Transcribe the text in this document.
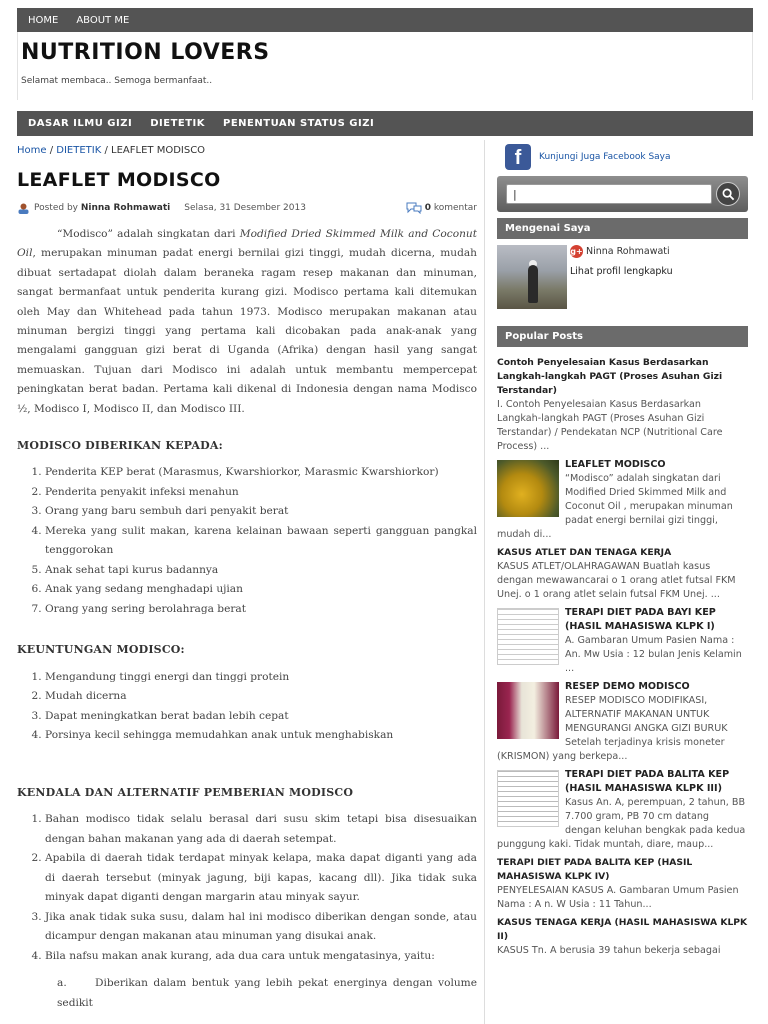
HOME ABOUT ME
NUTRITION LOVERS
Selamat membaca.. Semoga bermanfaat..
DASAR ILMU GIZI DIETETIK PENENTUAN STATUS GIZI
Home / DIETETIK / LEAFLET MODISCO
LEAFLET MODISCO
Posted by
Ninna Rohmawati Selasa, 31 Desember 2013	0
komentar

“Modisco” adalah singkatan dari Modified Dried Skimmed Milk and Coconut Oil, merupakan minuman padat energi bernilai gizi tinggi, mudah dicerna, mudah dibuat sertadapat diolah dalam beraneka ragam resep makanan dan minuman, sangat bermanfaat untuk penderita kurang gizi. Modisco pertama kali ditemukan oleh May dan Whitehead pada tahun 1973. Modisco merupakan makanan atau minuman bergizi tinggi yang pertama kali dicobakan pada anak-anak yang mengalami gangguan gizi berat di Uganda (Afrika) dengan hasil yang sangat memuaskan. Tujuan dari Modisco ini adalah untuk membantu mempercepat peningkatan berat badan. Pertama kali dikenal di Indonesia dengan nama Modisco ½, Modisco I, Modisco II, dan Modisco III.

MODISCO DIBERIKAN KEPADA:
1. Penderita KEP berat (Marasmus, Kwarshiorkor, Marasmic Kwarshiorkor)
2. Penderita penyakit infeksi menahun
3. Orang yang baru sembuh dari penyakit berat
4. Mereka yang sulit makan, karena kelainan bawaan seperti gangguan pangkal tenggorokan
5. Anak sehat tapi kurus badannya
6. Anak yang sedang menghadapi ujian
7. Orang yang sering berolahraga berat
KEUNTUNGAN MODISCO:
1. Mengandung tinggi energi dan tinggi protein
2. Mudah dicerna
3. Dapat meningkatkan berat badan lebih cepat
4. Porsinya kecil sehingga memudahkan anak untuk menghabiskan
KENDALA DAN ALTERNATIF PEMBERIAN MODISCO
1. Bahan modisco tidak selalu berasal dari susu skim tetapi bisa disesuaikan dengan bahan makanan yang ada di daerah setempat.
2. Apabila di daerah tidak terdapat minyak kelapa, maka dapat diganti yang ada di daerah tersebut (minyak jagung, biji kapas, kacang dll). Jika tidak suka minyak dapat diganti dengan margarin atau minyak sayur.
3. Jika anak tidak suka susu, dalam hal ini modisco diberikan dengan sonde, atau dicampur dengan makanan atau minuman yang disukai anak.
4. Bila nafsu makan anak kurang, ada dua cara untuk mengatasinya, yaitu:
a.	Diberikan dalam bentuk yang lebih pekat energinya dengan volume sedikit
f	Kunjungi Juga Facebook Saya
|
Mengenai Saya
g+ Ninna Rohmawati
Lihat profil lengkapku
Popular Posts
Contoh Penyelesaian Kasus Berdasarkan Langkah-langkah PAGT (Proses Asuhan Gizi Terstandar)
I. Contoh Penyelesaian Kasus Berdasarkan Langkah-langkah PAGT (Proses Asuhan Gizi Terstandar) / Pendekatan NCP (Nutritional Care Process) ...
LEAFLET MODISCO
“Modisco” adalah singkatan dari Modified Dried Skimmed Milk and Coconut Oil , merupakan minuman padat energi bernilai gizi tinggi, mudah di...
KASUS ATLET DAN TENAGA KERJA
KASUS ATLET/OLAHRAGAWAN Buatlah kasus dengan mewawancarai o 1 orang atlet futsal FKM Unej. o 1 orang atlet selain futsal FKM Unej. ...
TERAPI DIET PADA BAYI KEP (HASIL MAHASISWA KLPK I)
A. Gambaran Umum Pasien Nama : An. Mw Usia : 12 bulan Jenis Kelamin ...
RESEP DEMO MODISCO
RESEP MODISCO MODIFIKASI, ALTERNATIF MAKANAN UNTUK MENGURANGI ANGKA GIZI BURUK Setelah terjadinya krisis moneter (KRISMON) yang berkepa...
TERAPI DIET PADA BALITA KEP (HASIL MAHASISWA KLPK III)
Kasus An. A, perempuan, 2 tahun, BB 7.700 gram, PB 70 cm datang dengan keluhan bengkak pada kedua punggung kaki. Tidak muntah, diare, maup...
TERAPI DIET PADA BALITA KEP (HASIL MAHASISWA KLPK IV)
PENYELESAIAN KASUS A. Gambaran Umum Pasien Nama : A n. W Usia : 11 Tahun...
KASUS TENAGA KERJA (HASIL MAHASISWA KLPK II)
KASUS Tn. A berusia 39 tahun bekerja sebagai
